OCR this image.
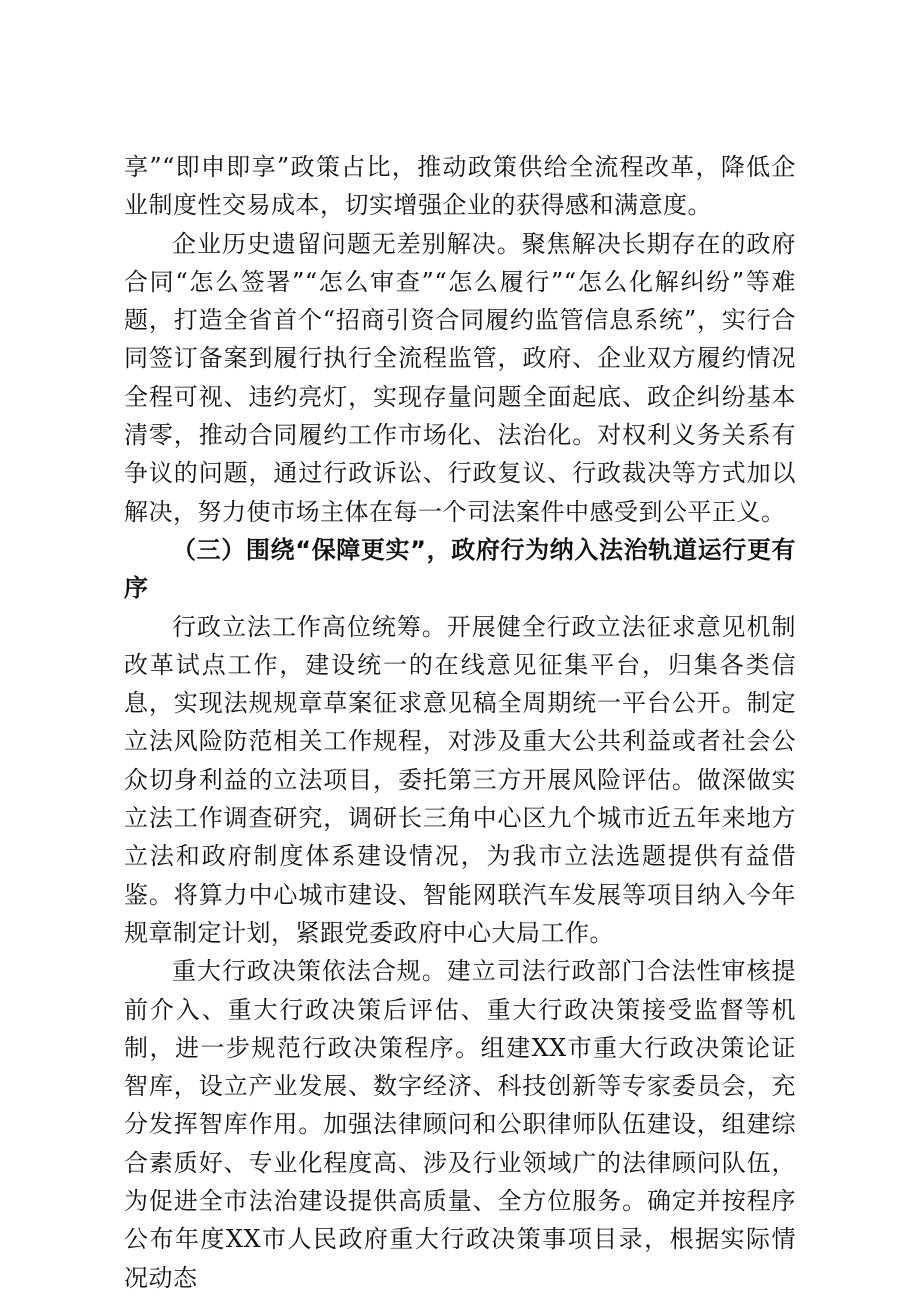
享”“即申即享”政策占比，推动政策供给全流程改革，降低企业制度性交易成本，切实增强企业的获得感和满意度。

企业历史遗留问题无差别解决。聚焦解决长期存在的政府合同“怎么签署”“怎么审查”“怎么履行”“怎么化解纠纷”等难题，打造全省首个“招商引资合同履约监管信息系统”，实行合同签订备案到履行执行全流程监管，政府、企业双方履约情况全程可视、违约亮灯，实现存量问题全面起底、政企纠纷基本清零，推动合同履约工作市场化、法治化。对权利义务关系有争议的问题，通过行政诉讼、行政复议、行政裁决等方式加以解决，努力使市场主体在每一个司法案件中感受到公平正义。

（三）围绕“保障更实”，政府行为纳入法治轨道运行更有序

行政立法工作高位统筹。开展健全行政立法征求意见机制改革试点工作，建设统一的在线意见征集平台，归集各类信息，实现法规规章草案征求意见稿全周期统一平台公开。制定立法风险防范相关工作规程，对涉及重大公共利益或者社会公众切身利益的立法项目，委托第三方开展风险评估。做深做实立法工作调查研究，调研长三角中心区九个城市近五年来地方立法和政府制度体系建设情况，为我市立法选题提供有益借鉴。将算力中心城市建设、智能网联汽车发展等项目纳入今年规章制定计划，紧跟党委政府中心大局工作。

重大行政决策依法合规。建立司法行政部门合法性审核提前介入、重大行政决策后评估、重大行政决策接受监督等机制，进一步规范行政决策程序。组建XX市重大行政决策论证智库，设立产业发展、数字经济、科技创新等专家委员会，充分发挥智库作用。加强法律顾问和公职律师队伍建设，组建综合素质好、专业化程度高、涉及行业领域广的法律顾问队伍，为促进全市法治建设提供高质量、全方位服务。确定并按程序公布年度XX市人民政府重大行政决策事项目录，根据实际情况动态
